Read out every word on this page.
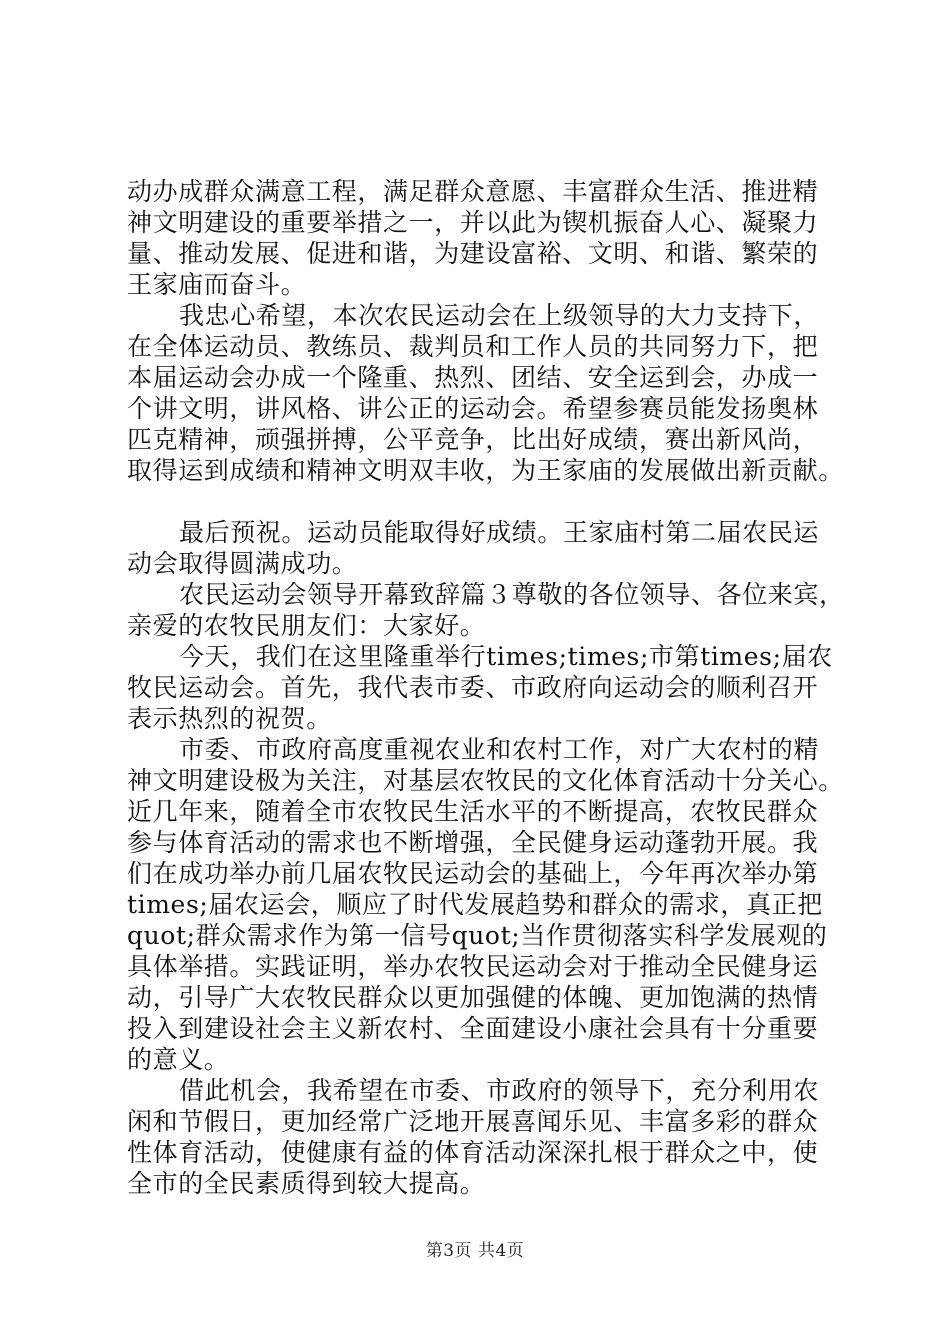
动办成群众满意工程，满足群众意愿、丰富群众生活、推进精
神文明建设的重要举措之一，并以此为锲机振奋人心、凝聚力
量、推动发展、促进和谐，为建设富裕、文明、和谐、繁荣的
王家庙而奋斗。
我忠心希望，本次农民运动会在上级领导的大力支持下，
在全体运动员、教练员、裁判员和工作人员的共同努力下，把
本届运动会办成一个隆重、热烈、团结、安全运到会，办成一
个讲文明，讲风格、讲公正的运动会。希望参赛员能发扬奥林
匹克精神，顽强拼搏，公平竞争，比出好成绩，赛出新风尚，
取得运到成绩和精神文明双丰收，为王家庙的发展做出新贡献。
最后预祝。运动员能取得好成绩。王家庙村第二届农民运
动会取得圆满成功。
农民运动会领导开幕致辞篇３尊敬的各位领导、各位来宾，
亲爱的农牧民朋友们：大家好。
今天，我们在这里隆重举行times;times;市第times;届农
牧民运动会。首先，我代表市委、市政府向运动会的顺利召开
表示热烈的祝贺。
市委、市政府高度重视农业和农村工作，对广大农村的精
神文明建设极为关注，对基层农牧民的文化体育活动十分关心。
近几年来，随着全市农牧民生活水平的不断提高，农牧民群众
参与体育活动的需求也不断增强，全民健身运动蓬勃开展。我
们在成功举办前几届农牧民运动会的基础上，今年再次举办第
times;届农运会，顺应了时代发展趋势和群众的需求，真正把
quot;群众需求作为第一信号quot;当作贯彻落实科学发展观的
具体举措。实践证明，举办农牧民运动会对于推动全民健身运
动，引导广大农牧民群众以更加强健的体魄、更加饱满的热情
投入到建设社会主义新农村、全面建设小康社会具有十分重要
的意义。
借此机会，我希望在市委、市政府的领导下，充分利用农
闲和节假日，更加经常广泛地开展喜闻乐见、丰富多彩的群众
性体育活动，使健康有益的体育活动深深扎根于群众之中，使
全市的全民素质得到较大提高。
第3页 共4页
